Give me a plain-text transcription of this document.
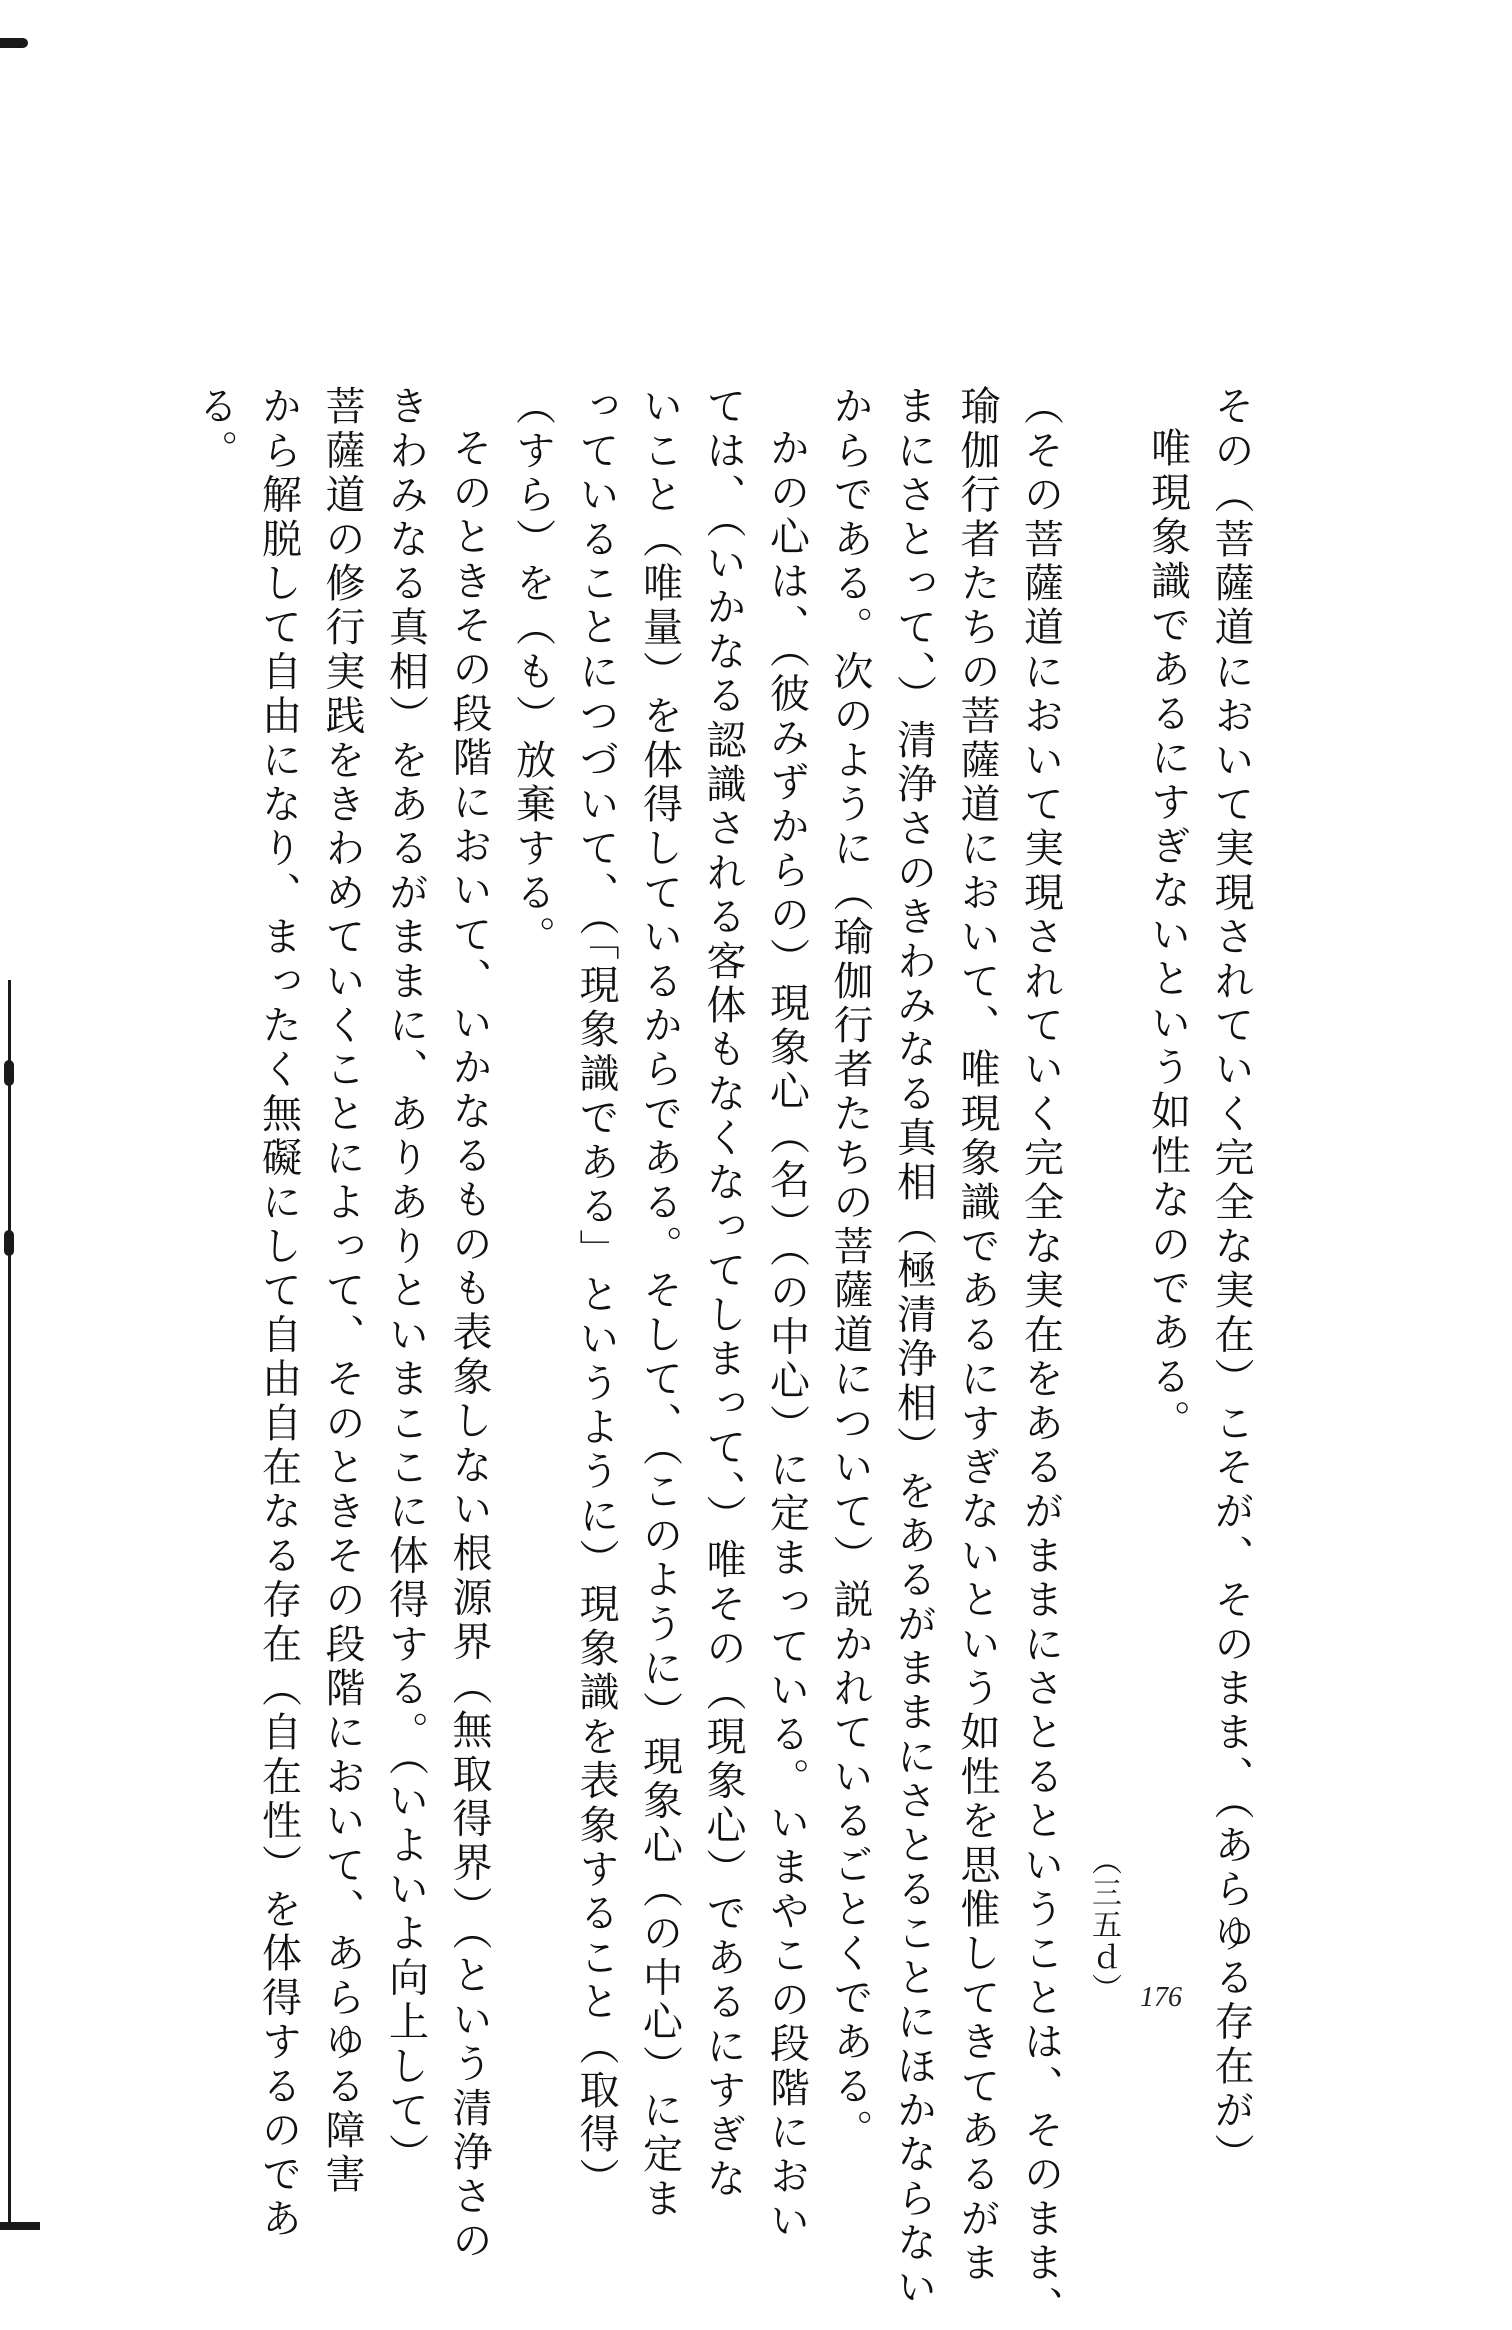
その（菩薩道において実現されていく完全な実在）こそが、そのまま、（あらゆる存在が）

唯現象識であるにすぎないという如性なのである。

（三五ｄ）

（その菩薩道において実現されていく完全な実在をあるがままにさとるということは、そのまま、

瑜伽行者たちの菩薩道において、唯現象識であるにすぎないという如性を思惟してきてあるがま

まにさとって、）清浄さのきわみなる真相（極清浄相）をあるがままにさとることにほかならない

からである。次のように（瑜伽行者たちの菩薩道について）説かれているごとくである。

かの心は、（彼みずからの）現象心（名）（の中心）に定まっている。いまやこの段階におい

ては、（いかなる認識される客体もなくなってしまって、）唯その（現象心）であるにすぎな

いこと（唯量）を体得しているからである。そして、（このように）現象心（の中心）に定ま

っていることにつづいて、（「現象識である」というように）現象識を表象すること（取得）

（すら）を（も）放棄する。

そのときその段階において、いかなるものも表象しない根源界（無取得界）（という清浄さの

きわみなる真相）をあるがままに、ありありといまここに体得する。（いよいよ向上して）

菩薩道の修行実践をきわめていくことによって、そのときその段階において、あらゆる障害

から解脱して自由になり、まったく無礙にして自由自在なる存在（自在性）を体得するのであ

る。

176
